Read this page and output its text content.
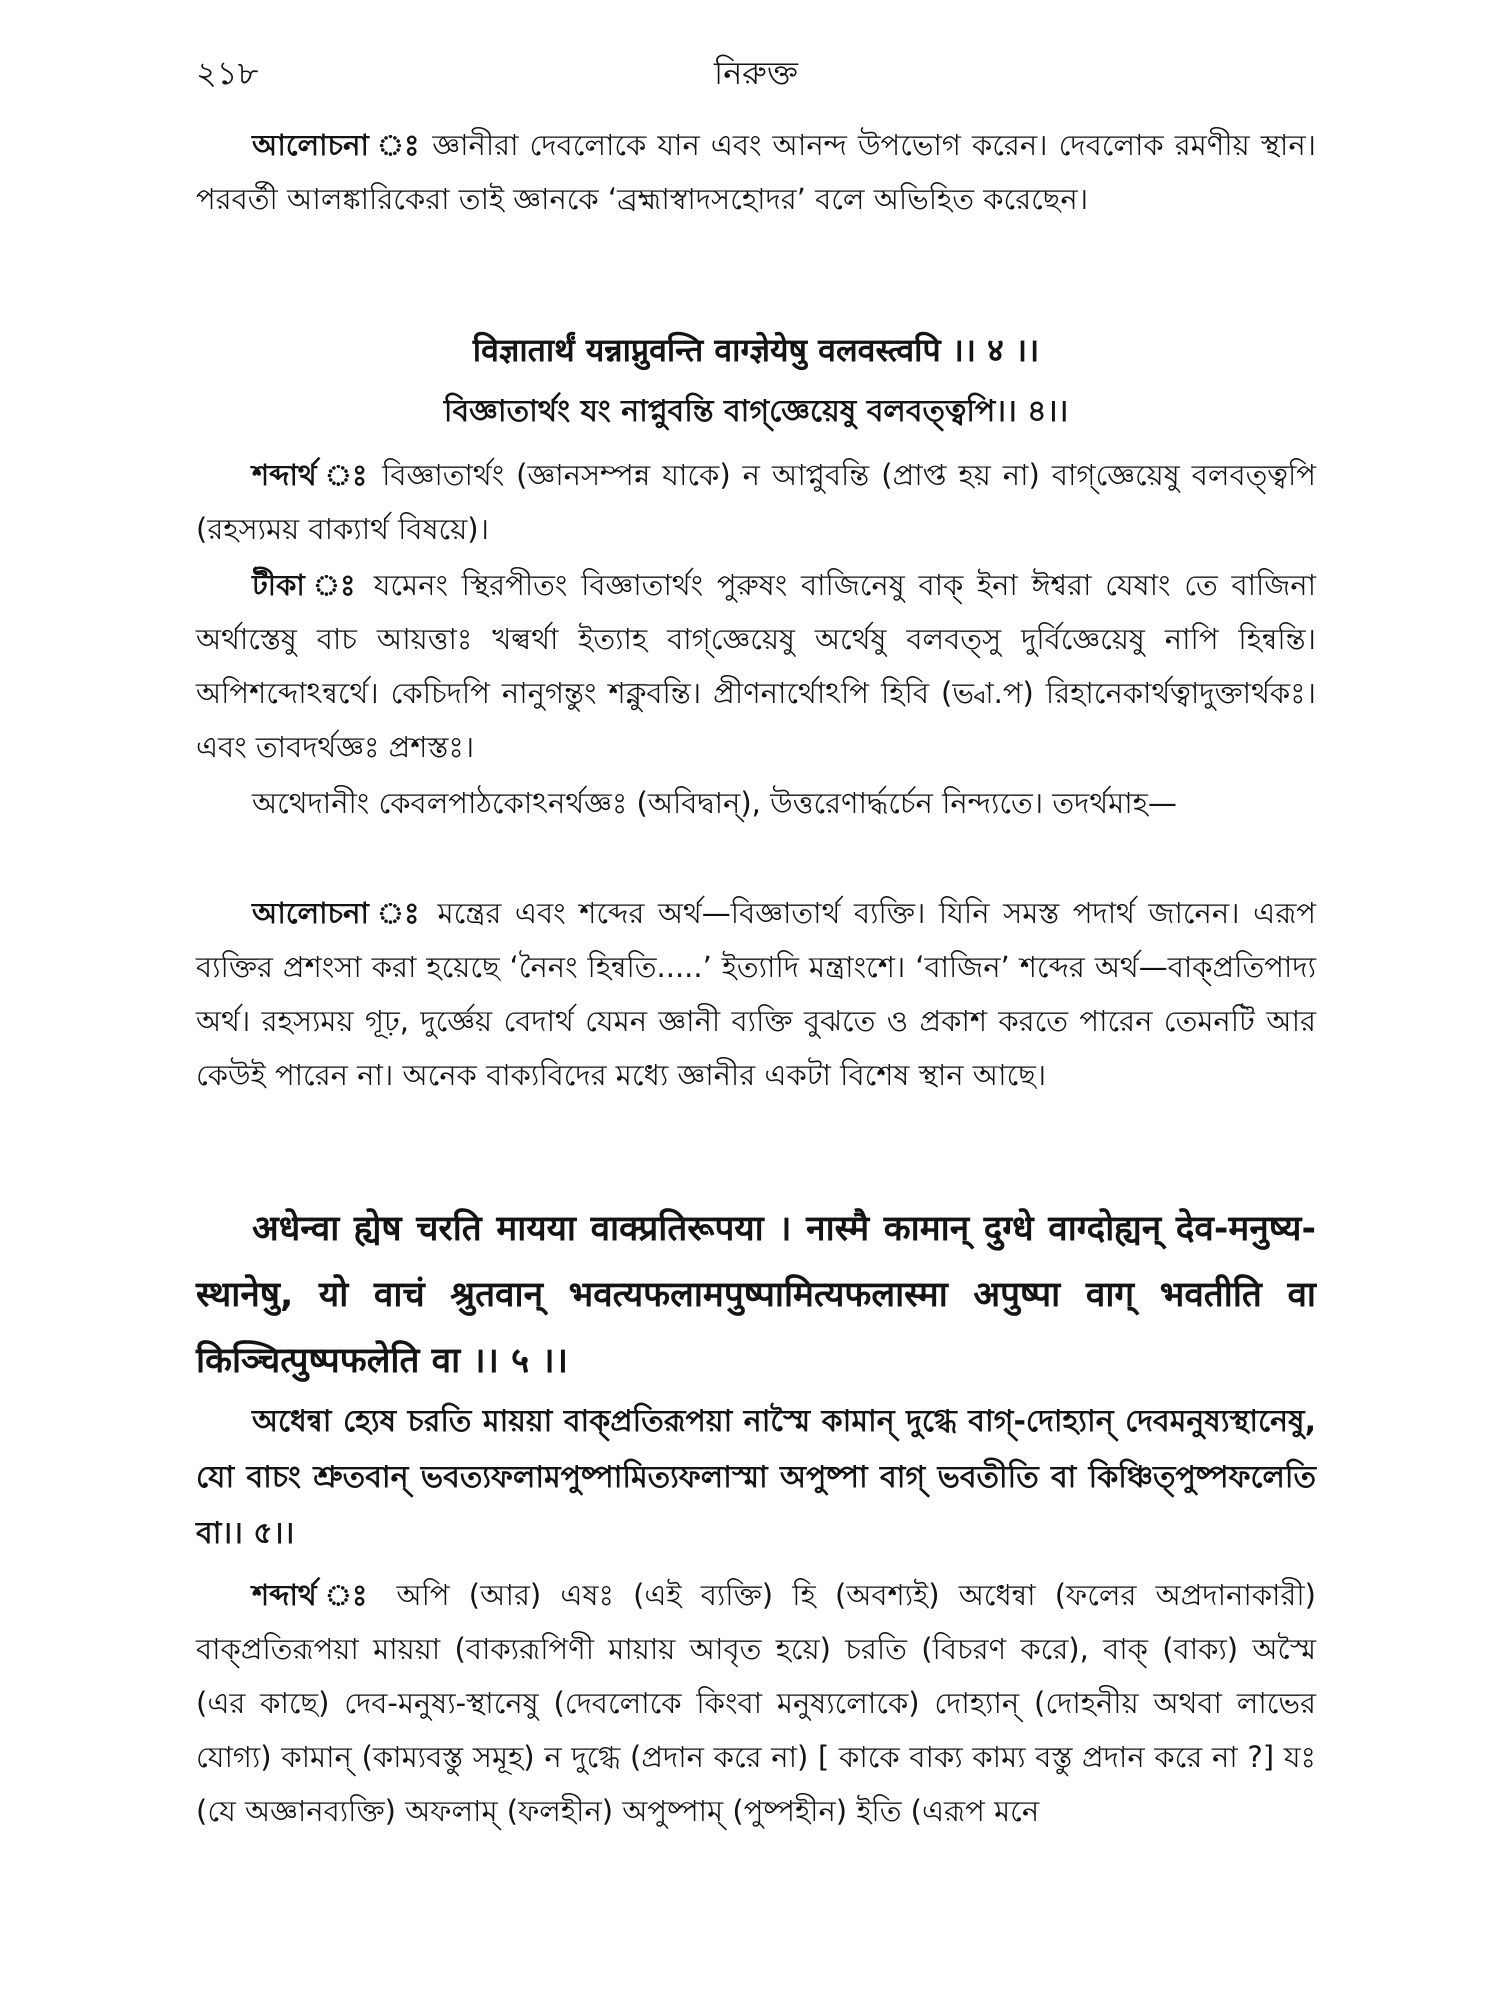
২১৮	নিরুক্ত

আলোচনা ঃ জ্ঞানীরা দেবলোকে যান এবং আনন্দ উপভোগ করেন। দেবলোক রমণীয় স্থান। পরবর্তী আলঙ্কারিকেরা তাই জ্ঞানকে ‘ব্রহ্মাস্বাদসহোদর’ বলে অভিহিত করেছেন।

विज्ञातार्थं यन्नाप्नुवन्ति वाग्ज्ञेयेषु वलवस्त्वपि ।। ४ ।।

বিজ্ঞাতার্থং যং নাপ্নুবন্তি বাগ্‌জ্ঞেয়েষু বলবত্ত্বপি।। ৪।।

শব্দার্থ ঃ বিজ্ঞাতার্থং (জ্ঞানসম্পন্ন যাকে) ন আপ্নুবন্তি (প্রাপ্ত হয় না) বাগ্‌জ্ঞেয়েষু বলবত্ত্বপি (রহস্যময় বাক্যার্থ বিষয়ে)।

টীকা ঃ যমেনং স্থিরপীতং বিজ্ঞাতার্থং পুরুষং বাজিনেষু বাক্‌ ইনা ঈশ্বরা যেষাং তে বাজিনা অর্থাস্তেষু বাচ আয়ত্তাঃ খল্বর্থা ইত্যাহ বাগ্‌জ্ঞেয়েষু অর্থেষু বলবত্‌সু দুর্বিজ্ঞেয়েষু নাপি হিন্বন্তি। অপিশব্দোঽন্বর্থে। কেচিদপি নানুগন্তুং শক্নুবন্তি। প্রীণনার্থোঽপি হিবি (ভ্বা.প) রিহানেকার্থত্বাদুক্তার্থকঃ। এবং তাবদর্থজ্ঞঃ প্রশস্তঃ।

অথেদানীং কেবলপাঠকোঽনর্থজ্ঞঃ (অবিদ্বান্‌), উত্তরেণার্দ্ধর্চেন নিন্দ্যতে। তদর্থমাহ—

আলোচনা ঃ মন্ত্রের এবং শব্দের অর্থ—বিজ্ঞাতার্থ ব্যক্তি। যিনি সমস্ত পদার্থ জানেন। এরূপ ব্যক্তির প্রশংসা করা হয়েছে ‘নৈনং হিন্বতি.....’ ইত্যাদি মন্ত্রাংশে। ‘বাজিন’ শব্দের অর্থ—বাক্‌প্রতিপাদ্য অর্থ। রহস্যময় গূঢ়, দুর্জ্ঞেয় বেদার্থ যেমন জ্ঞানী ব্যক্তি বুঝতে ও প্রকাশ করতে পারেন তেমনটি আর কেউই পারেন না। অনেক বাক্যবিদের মধ্যে জ্ঞানীর একটা বিশেষ স্থান আছে।

अधेन्वा ह्येष चरति मायया वाक्प्रतिरूपया । नास्मै कामान् दुग्धे वाग्दोह्यन् देव-मनुष्य-स्थानेषु, यो वाचं श्रुतवान् भवत्यफलामपुष्पामित्यफलास्मा अपुष्पा वाग् भवतीति वा किञ्चित्पुष्पफलेति वा ।। ५ ।।

অধেন্বা হ্যেষ চরতি মায়য়া বাক্‌প্রতিরূপয়া নাস্মৈ কামান্‌ দুগ্ধে বাগ্‌-দোহ্যান্‌ দেবমনুষ্যস্থানেষু, যো বাচং শ্রুতবান্‌ ভবত্যফলামপুষ্পামিত্যফলাস্মা অপুষ্পা বাগ্‌ ভবতীতি বা কিঞ্চিত্‌পুষ্পফলেতি বা।। ৫।।

শব্দার্থ ঃ অপি (আর) এষঃ (এই ব্যক্তি) হি (অবশ্যই) অধেন্বা (ফলের অপ্রদানাকারী) বাক্‌প্রতিরূপয়া মায়য়া (বাক্যরূপিণী মায়ায় আবৃত হয়ে) চরতি (বিচরণ করে), বাক্‌ (বাক্য) অস্মৈ (এর কাছে) দেব-মনুষ্য-স্থানেষু (দেবলোকে কিংবা মনুষ্যলোকে) দোহ্যান্‌ (দোহনীয় অথবা লাভের যোগ্য) কামান্‌ (কাম্যবস্তু সমূহ) ন দুগ্ধে (প্রদান করে না) [ কাকে বাক্য কাম্য বস্তু প্রদান করে না ?] যঃ (যে অজ্ঞানব্যক্তি) অফলাম্‌ (ফলহীন) অপুষ্পাম্‌ (পুষ্পহীন) ইতি (এরূপ মনে
